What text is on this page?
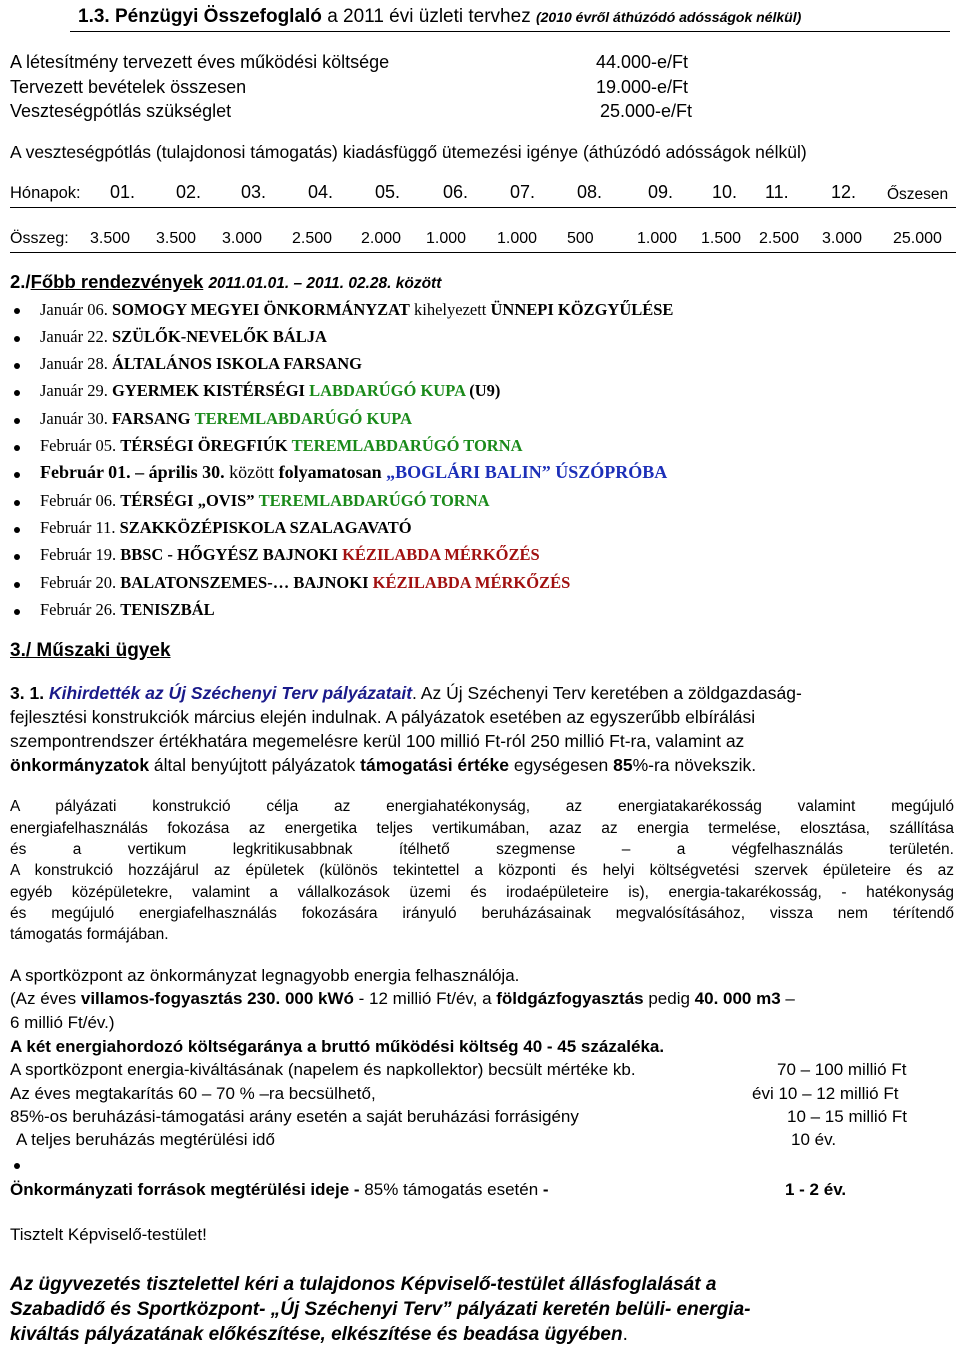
1.3. Pénzügyi Összefoglaló a 2011 évi üzleti tervhez (2010 évről áthúzódó adósságok nélkül)
A létesítmény tervezett éves működési költsége	44.000-e/Ft
Tervezett bevételek összesen	19.000-e/Ft
Veszteségpótlás szükséglet	25.000-e/Ft
A veszteségpótlás (tulajdonosi támogatás) kiadásfüggő ütemezési igénye (áthúzódó adósságok nélkül)
Hónapok: 01. 02. 03. 04. 05. 06. 07. 08.	09. 10. 11. 12. Őszesen
Összeg: 3.500 3.500 3.000 2.500 2.000 1.000 1.000 500	1.000 1.500 2.500 3.000 25.000
2./Főbb rendezvények 2011.01.01. – 2011. 02.28. között
Január 06. SOMOGY MEGYEI ÖNKORMÁNYZAT kihelyezett ÜNNEPI KÖZGYŰLÉSE
Január 22. SZÜLŐK-NEVELŐK BÁLJA
Január 28. ÁLTALÁNOS ISKOLA FARSANG
Január 29. GYERMEK KISTÉRSÉGI LABDARÚGÓ KUPA (U9)
Január 30. FARSANG TEREMLABDARÚGÓ KUPA
Február 05. TÉRSÉGI ÖREGFIÚK TEREMLABDARÚGÓ TORNA
Február 01. – április 30. között folyamatosan „BOGLÁRI BALIN” ÚSZÓPRÓBA
Február 06. TÉRSÉGI „OVIS” TEREMLABDARÚGÓ TORNA
Február 11. SZAKKÖZÉPISKOLA SZALAGAVATÓ
Február 19. BBSC - HŐGYÉSZ BAJNOKI KÉZILABDA MÉRKŐZÉS
Február 20. BALATONSZEMES-… BAJNOKI KÉZILABDA MÉRKŐZÉS
Február 26. TENISZBÁL
3./ Műszaki ügyek
3. 1. Kihirdették az Új Széchenyi Terv pályázatait. Az Új Széchenyi Terv keretében a zöldgazdaság-
fejlesztési konstrukciók március elején indulnak. A pályázatok esetében az egyszerűbb elbírálási
szempontrendszer értékhatára megemelésre kerül 100 millió Ft-ról 250 millió Ft-ra, valamint az
önkormányzatok által benyújtott pályázatok támogatási értéke egységesen 85%-ra növekszik.
A pályázati konstrukció célja az energiahatékonyság, az energiatakarékosság valamint megújuló
energiafelhasználás fokozása az energetika teljes vertikumában, azaz az energia termelése, elosztása, szállítása
és a vertikum legkritikusabbnak ítélhető szegmense – a végfelhasználás területén.
A konstrukció hozzájárul az épületek (különös tekintettel a központi és helyi költségvetési szervek épületeire és az
egyéb középületekre, valamint a vállalkozások üzemi és irodaépületeire is), energia-takarékosság, - hatékonyság
és megújuló energiafelhasználás fokozására irányuló beruházásainak megvalósításához, vissza nem térítendő
támogatás formájában.
A sportközpont az önkormányzat legnagyobb energia felhasználója.
(Az éves villamos-fogyasztás 230. 000 kWó - 12 millió Ft/év, a földgázfogyasztás pedig 40. 000 m3 –
6 millió Ft/év.)
A két energiahordozó költségaránya a bruttó működési költség 40 - 45 százaléka.
A sportközpont energia-kiváltásának (napelem és napkollektor) becsült mértéke kb.	70 – 100 millió Ft
Az éves megtakarítás 60 – 70 % –ra becsülhető,	évi 10 – 12 millió Ft
85%-os beruházási-támogatási arány esetén a saját beruházási forrásigény	10 – 15 millió Ft
A teljes beruházás megtérülési idő	10 év.
Önkormányzati források megtérülési ideje - 85% támogatás esetén -	1 - 2 év.
Tisztelt Képviselő-testület!
Az ügyvezetés tisztelettel kéri a tulajdonos Képviselő-testület állásfoglalását a
Szabadidő és Sportközpont- „Új Széchenyi Terv” pályázati keretén belüli- energia-
kiváltás pályázatának előkészítése, elkészítése és beadása ügyében.
